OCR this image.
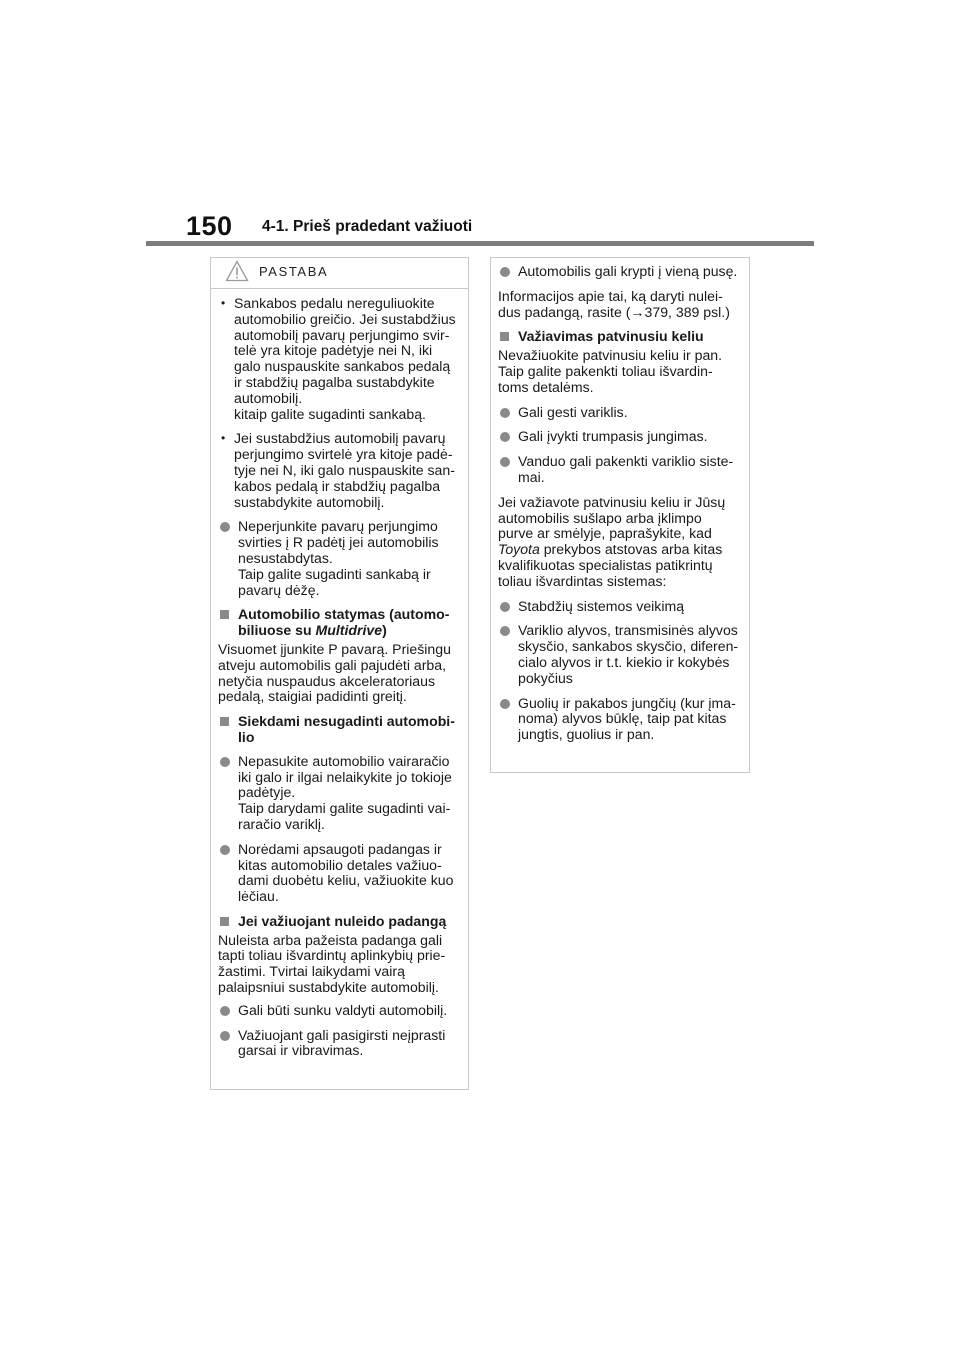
150 4-1. Prieš pradedant važiuoti
PASTABA
• Sankabos pedalu nereguliuokite
automobilio greičio. Jei sustabdžius
automobilį pavarų perjungimo svir-
telė yra kitoje padėtyje nei N, iki
galo nuspauskite sankabos pedalą
ir stabdžių pagalba sustabdykite
automobilį.
kitaip galite sugadinti sankabą.
• Jei sustabdžius automobilį pavarų
perjungimo svirtelė yra kitoje padė-
tyje nei N, iki galo nuspauskite san-
kabos pedalą ir stabdžių pagalba
sustabdykite automobilį.
Neperjunkite pavarų perjungimo
svirties į R padėtį jei automobilis
nesustabdytas.
Taip galite sugadinti sankabą ir
pavarų dėžę.
Automobilio statymas (automo-
biliuose su Multidrive)
Visuomet įjunkite P pavarą. Priešingu
atveju automobilis gali pajudėti arba,
netyčia nuspaudus akceleratoriaus
pedalą, staigiai padidinti greitį.
Siekdami nesugadinti automobi-
lio
Nepasukite automobilio vairaračio
iki galo ir ilgai nelaikykite jo tokioje
padėtyje.
Taip darydami galite sugadinti vai-
raračio variklį.
Norėdami apsaugoti padangas ir
kitas automobilio detales važiuo-
dami duobėtu keliu, važiuokite kuo
lėčiau.
Jei važiuojant nuleido padangą
Nuleista arba pažeista padanga gali
tapti toliau išvardintų aplinkybių prie-
žastimi. Tvirtai laikydami vairą
palaipsniui sustabdykite automobilį.
Gali būti sunku valdyti automobilį.
Važiuojant gali pasigirsti neįprasti
garsai ir vibravimas.
Automobilis gali krypti į vieną pusę.
Informacijos apie tai, ką daryti nulei-
dus padangą, rasite (→379, 389 psl.)
Važiavimas patvinusiu keliu
Nevažiuokite patvinusiu keliu ir pan.
Taip galite pakenkti toliau išvardin-
toms detalėms.
Gali gesti variklis.
Gali įvykti trumpasis jungimas.
Vanduo gali pakenkti variklio siste-
mai.
Jei važiavote patvinusiu keliu ir Jūsų
automobilis sušlapo arba įklimpo
purve ar smėlyje, paprašykite, kad
Toyota prekybos atstovas arba kitas
kvalifikuotas specialistas patikrintų
toliau išvardintas sistemas:
Stabdžių sistemos veikimą
Variklio alyvos, transmisinės alyvos
skysčio, sankabos skysčio, diferen-
cialo alyvos ir t.t. kiekio ir kokybės
pokyčius
Guolių ir pakabos jungčių (kur įma-
noma) alyvos būklę, taip pat kitas
jungtis, guolius ir pan.
